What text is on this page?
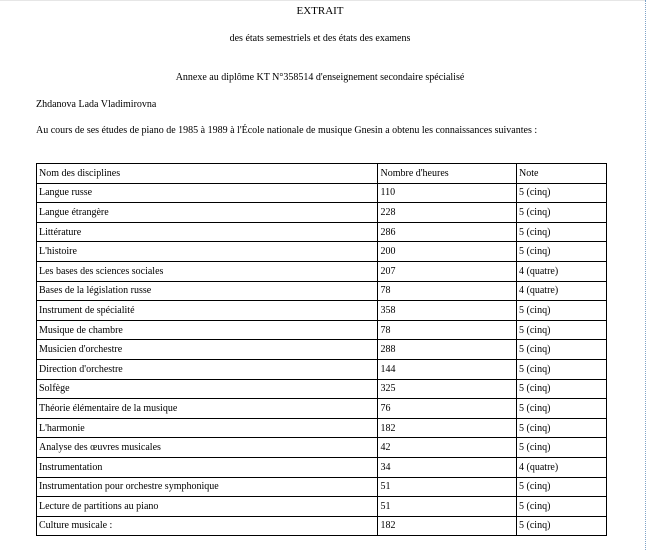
EXTRAIT
des états semestriels et des états des examens
Annexe au diplôme KT N°358514 d'enseignement secondaire spécialisé
Zhdanova Lada Vladimirovna
Au cours de ses études de piano de 1985 à 1989 à l'École nationale de musique Gnesin a obtenu les connaissances suivantes :
Nom des disciplines	Nombre d'heures	Note
Langue russe	110	5 (cinq)
Langue étrangère	228	5 (cinq)
Littérature	286	5 (cinq)
L'histoire	200	5 (cinq)
Les bases des sciences sociales	207	4 (quatre)
Bases de la législation russe	78	4 (quatre)
Instrument de spécialité	358	5 (cinq)
Musique de chambre	78	5 (cinq)
Musicien d'orchestre	288	5 (cinq)
Direction d'orchestre	144	5 (cinq)
Solfège	325	5 (cinq)
Théorie élémentaire de la musique	76	5 (cinq)
L'harmonie	182	5 (cinq)
Analyse des œuvres musicales	42	5 (cinq)
Instrumentation	34	4 (quatre)
Instrumentation pour orchestre symphonique	51	5 (cinq)
Lecture de partitions au piano	51	5 (cinq)
Culture musicale :	182	5 (cinq)
